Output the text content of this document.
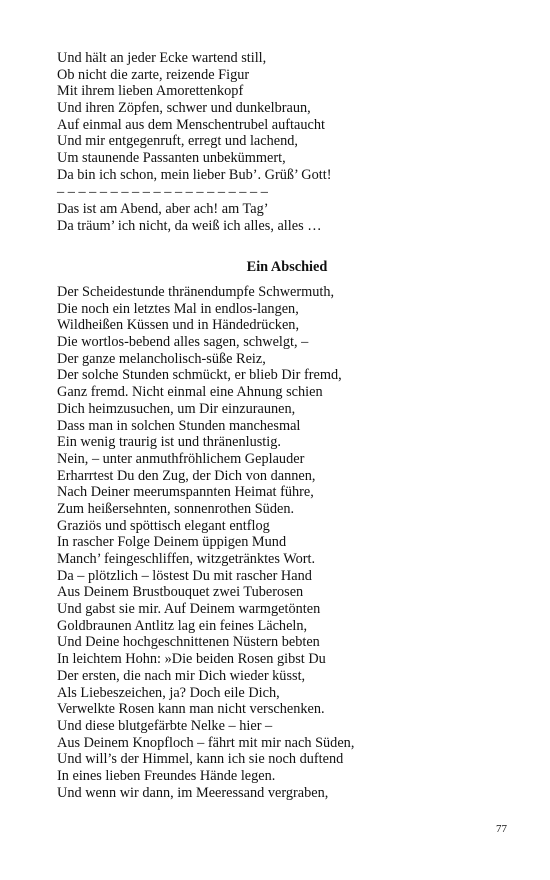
Und hält an jeder Ecke wartend still,
Ob nicht die zarte, reizende Figur
Mit ihrem lieben Amorettenkopf
Und ihren Zöpfen, schwer und dunkelbraun,
Auf einmal aus dem Menschentrubel auftaucht
Und mir entgegenruft, erregt und lachend,
Um staunende Passanten unbekümmert,
Da bin ich schon, mein lieber Bub’. Grüß’ Gott!
– – – – – – – – – – – – – – – – – – – –
Das ist am Abend, aber ach! am Tag’
Da träum’ ich nicht, da weiß ich alles, alles …
Ein Abschied
Der Scheidestunde thränendumpfe Schwermuth,
Die noch ein letztes Mal in endlos-langen,
Wildheißen Küssen und in Händedrücken,
Die wortlos-bebend alles sagen, schwelgt, –
Der ganze melancholisch-süße Reiz,
Der solche Stunden schmückt, er blieb Dir fremd,
Ganz fremd. Nicht einmal eine Ahnung schien
Dich heimzusuchen, um Dir einzuraunen,
Dass man in solchen Stunden manchesmal
Ein wenig traurig ist und thränenlustig.
Nein, – unter anmuthfröhlichem Geplauder
Erharrtest Du den Zug, der Dich von dannen,
Nach Deiner meerumspannten Heimat führe,
Zum heißersehnten, sonnenrothen Süden.
Graziös und spöttisch elegant entflog
In rascher Folge Deinem üppigen Mund
Manch’ feingeschliffen, witzgetränktes Wort.
Da – plötzlich – löstest Du mit rascher Hand
Aus Deinem Brustbouquet zwei Tuberosen
Und gabst sie mir. Auf Deinem warmgetönten
Goldbraunen Antlitz lag ein feines Lächeln,
Und Deine hochgeschnittenen Nüstern bebten
In leichtem Hohn: »Die beiden Rosen gibst Du
Der ersten, die nach mir Dich wieder küsst,
Als Liebeszeichen, ja? Doch eile Dich,
Verwelkte Rosen kann man nicht verschenken.
Und diese blutgefärbte Nelke – hier –
Aus Deinem Knopfloch – fährt mit mir nach Süden,
Und will’s der Himmel, kann ich sie noch duftend
In eines lieben Freundes Hände legen.
Und wenn wir dann, im Meeressand vergraben,
77
